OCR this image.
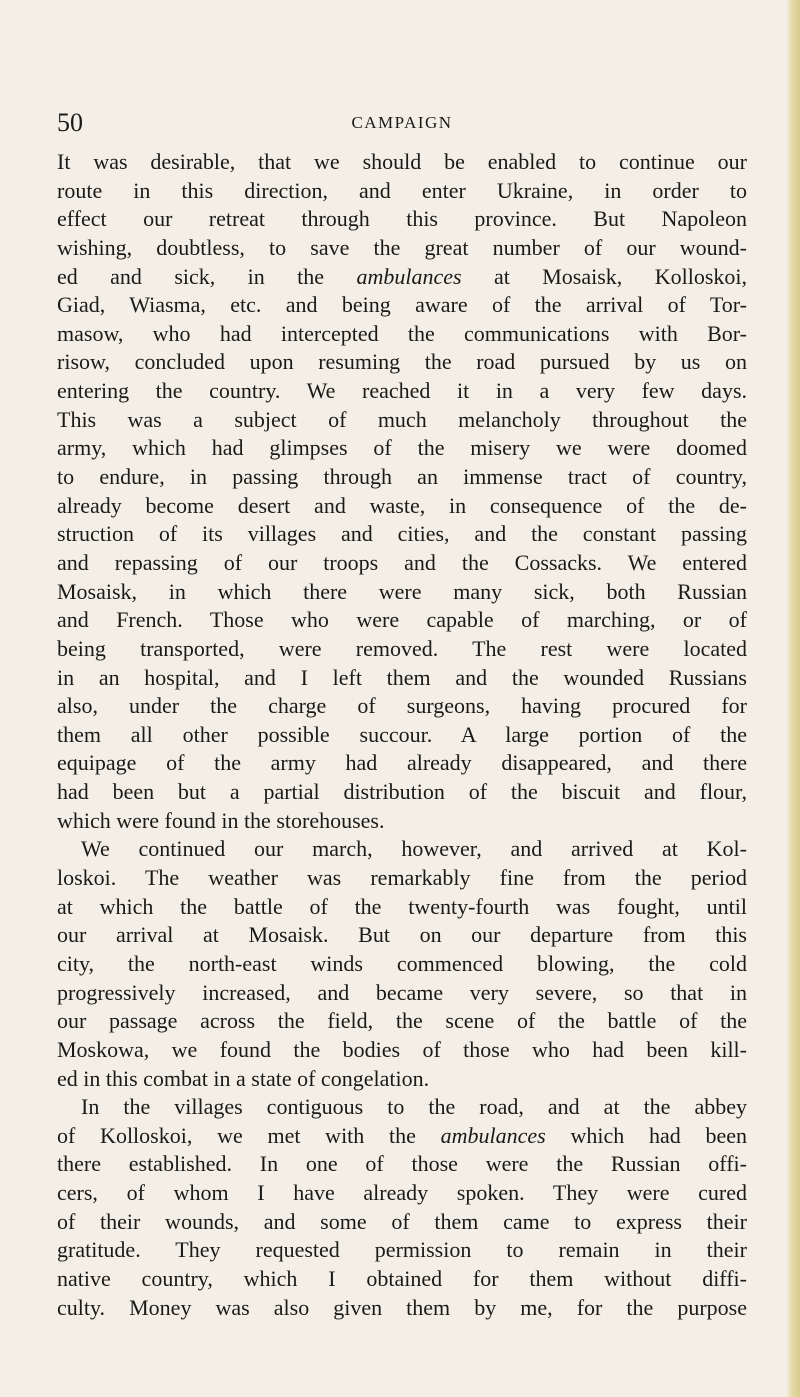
50	CAMPAIGN
It was desirable, that we should be enabled to continue our
route in this direction, and enter Ukraine, in order to
effect our retreat through this province. But Napoleon
wishing, doubtless, to save the great number of our wound-
ed and sick, in the ambulances at Mosaisk, Kolloskoi,
Giad, Wiasma, etc. and being aware of the arrival of Tor-
masow, who had intercepted the communications with Bor-
risow, concluded upon resuming the road pursued by us on
entering the country. We reached it in a very few days.
This was a subject of much melancholy throughout the
army, which had glimpses of the misery we were doomed
to endure, in passing through an immense tract of country,
already become desert and waste, in consequence of the de-
struction of its villages and cities, and the constant passing
and repassing of our troops and the Cossacks. We entered
Mosaisk, in which there were many sick, both Russian
and French. Those who were capable of marching, or of
being transported, were removed. The rest were located
in an hospital, and I left them and the wounded Russians
also, under the charge of surgeons, having procured for
them all other possible succour. A large portion of the
equipage of the army had already disappeared, and there
had been but a partial distribution of the biscuit and flour,
which were found in the storehouses.
We continued our march, however, and arrived at Kol-
loskoi. The weather was remarkably fine from the period
at which the battle of the twenty-fourth was fought, until
our arrival at Mosaisk. But on our departure from this
city, the north-east winds commenced blowing, the cold
progressively increased, and became very severe, so that in
our passage across the field, the scene of the battle of the
Moskowa, we found the bodies of those who had been kill-
ed in this combat in a state of congelation.
In the villages contiguous to the road, and at the abbey
of Kolloskoi, we met with the ambulances which had been
there established. In one of those were the Russian offi-
cers, of whom I have already spoken. They were cured
of their wounds, and some of them came to express their
gratitude. They requested permission to remain in their
native country, which I obtained for them without diffi-
culty. Money was also given them by me, for the purpose
